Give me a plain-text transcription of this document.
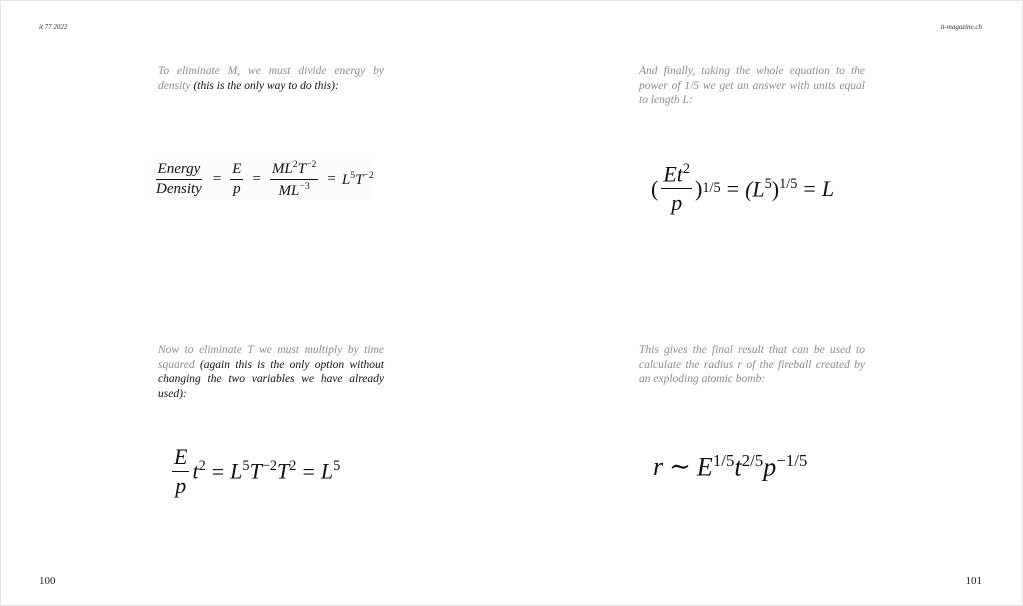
it 77 2022	it-magazine.ch
To eliminate M, we must divide energy by density (this is the only way to do this):
$\frac{\text{Energy}}{\text{Density}} = \frac{E}{p} = \frac{ML^2T^{-2}}{ML^{-3}} = L^5T^{-2}$
And finally, taking the whole equation to the power of 1/5 we get an answer with units equal to length L:
( $\frac{Et^2}{p}$ ) $1/5 = (L^5)^{1/5} = L$
Now to eliminate T we must multiply by time squared (again this is the only option without changing the two variables we have already used):
$\frac{E}{p} t^2 = L^5T^{-2}T^2 = L^5$
This gives the final result that can be used to calculate the radius r of the fireball created by an exploding atomic bomb:
r ∼ $E^{1/5}$ $t^{2/5}$ $p^{-1/5}$
100	101
